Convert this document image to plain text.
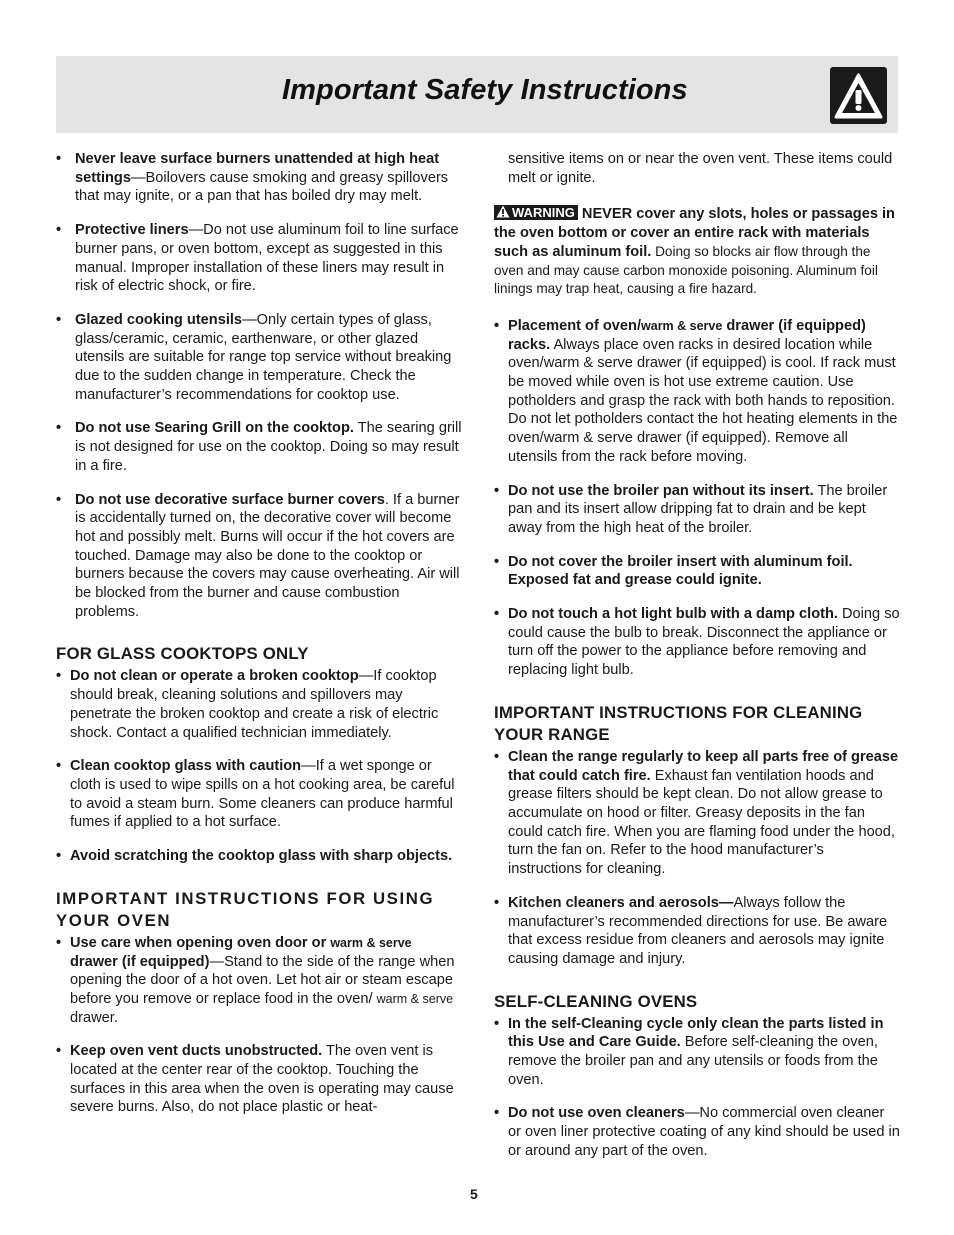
Important Safety Instructions
• Never leave surface burners unattended at high heat settings—Boilovers cause smoking and greasy spillovers that may ignite, or a pan that has boiled dry may melt.
• Protective liners—Do not use aluminum foil to line surface burner pans, or oven bottom, except as suggested in this manual. Improper installation of these liners may result in risk of electric shock, or fire.
• Glazed cooking utensils—Only certain types of glass, glass/ceramic, ceramic, earthenware, or other glazed utensils are suitable for range top service without breaking due to the sudden change in temperature. Check the manufacturer’s recommendations for cooktop use.
• Do not use Searing Grill on the cooktop. The searing grill is not designed for use on the cooktop. Doing so may result in a fire.
• Do not use decorative surface burner covers. If a burner is accidentally turned on, the decorative cover will become hot and possibly melt. Burns will occur if the hot covers are touched. Damage may also be done to the cooktop or burners because the covers may cause overheating. Air will be blocked from the burner and cause combustion problems.
FOR GLASS COOKTOPS ONLY
• Do not clean or operate a broken cooktop—If cooktop should break, cleaning solutions and spillovers may penetrate the broken cooktop and create a risk of electric shock. Contact a qualified technician immediately.
• Clean cooktop glass with caution—If a wet sponge or cloth is used to wipe spills on a hot cooking area, be careful to avoid a steam burn. Some cleaners can produce harmful fumes if applied to a hot surface.
• Avoid scratching the cooktop glass with sharp objects.
IMPORTANT INSTRUCTIONS FOR USING YOUR OVEN
• Use care when opening oven door or warm & serve drawer (if equipped)—Stand to the side of the range when opening the door of a hot oven. Let hot air or steam escape before you remove or replace food in the oven/ warm & serve drawer.
• Keep oven vent ducts unobstructed. The oven vent is located at the center rear of the cooktop. Touching the surfaces in this area when the oven is operating may cause severe burns. Also, do not place plastic or heat-
sensitive items on or near the oven vent. These items could melt or ignite.
WARNING NEVER cover any slots, holes or passages in the oven bottom or cover an entire rack with materials such as aluminum foil. Doing so blocks air flow through the oven and may cause carbon monoxide poisoning. Aluminum foil linings may trap heat, causing a fire hazard.
• Placement of oven/warm & serve drawer (if equipped) racks. Always place oven racks in desired location while oven/warm & serve drawer (if equipped) is cool. If rack must be moved while oven is hot use extreme caution. Use potholders and grasp the rack with both hands to reposition. Do not let potholders contact the hot heating elements in the oven/warm & serve drawer (if equipped). Remove all utensils from the rack before moving.
• Do not use the broiler pan without its insert. The broiler pan and its insert allow dripping fat to drain and be kept away from the high heat of the broiler.
• Do not cover the broiler insert with aluminum foil. Exposed fat and grease could ignite.
• Do not touch a hot light bulb with a damp cloth. Doing so could cause the bulb to break. Disconnect the appliance or turn off the power to the appliance before removing and replacing light bulb.
IMPORTANT INSTRUCTIONS FOR CLEANING YOUR RANGE
• Clean the range regularly to keep all parts free of grease that could catch fire. Exhaust fan ventilation hoods and grease filters should be kept clean. Do not allow grease to accumulate on hood or filter. Greasy deposits in the fan could catch fire. When you are flaming food under the hood, turn the fan on. Refer to the hood manufacturer’s instructions for cleaning.
• Kitchen cleaners and aerosols—Always follow the manufacturer’s recommended directions for use. Be aware that excess residue from cleaners and aerosols may ignite causing damage and injury.
SELF-CLEANING OVENS
• In the self-Cleaning cycle only clean the parts listed in this Use and Care Guide. Before self-cleaning the oven, remove the broiler pan and any utensils or foods from the oven.
• Do not use oven cleaners—No commercial oven cleaner or oven liner protective coating of any kind should be used in or around any part of the oven.
5
